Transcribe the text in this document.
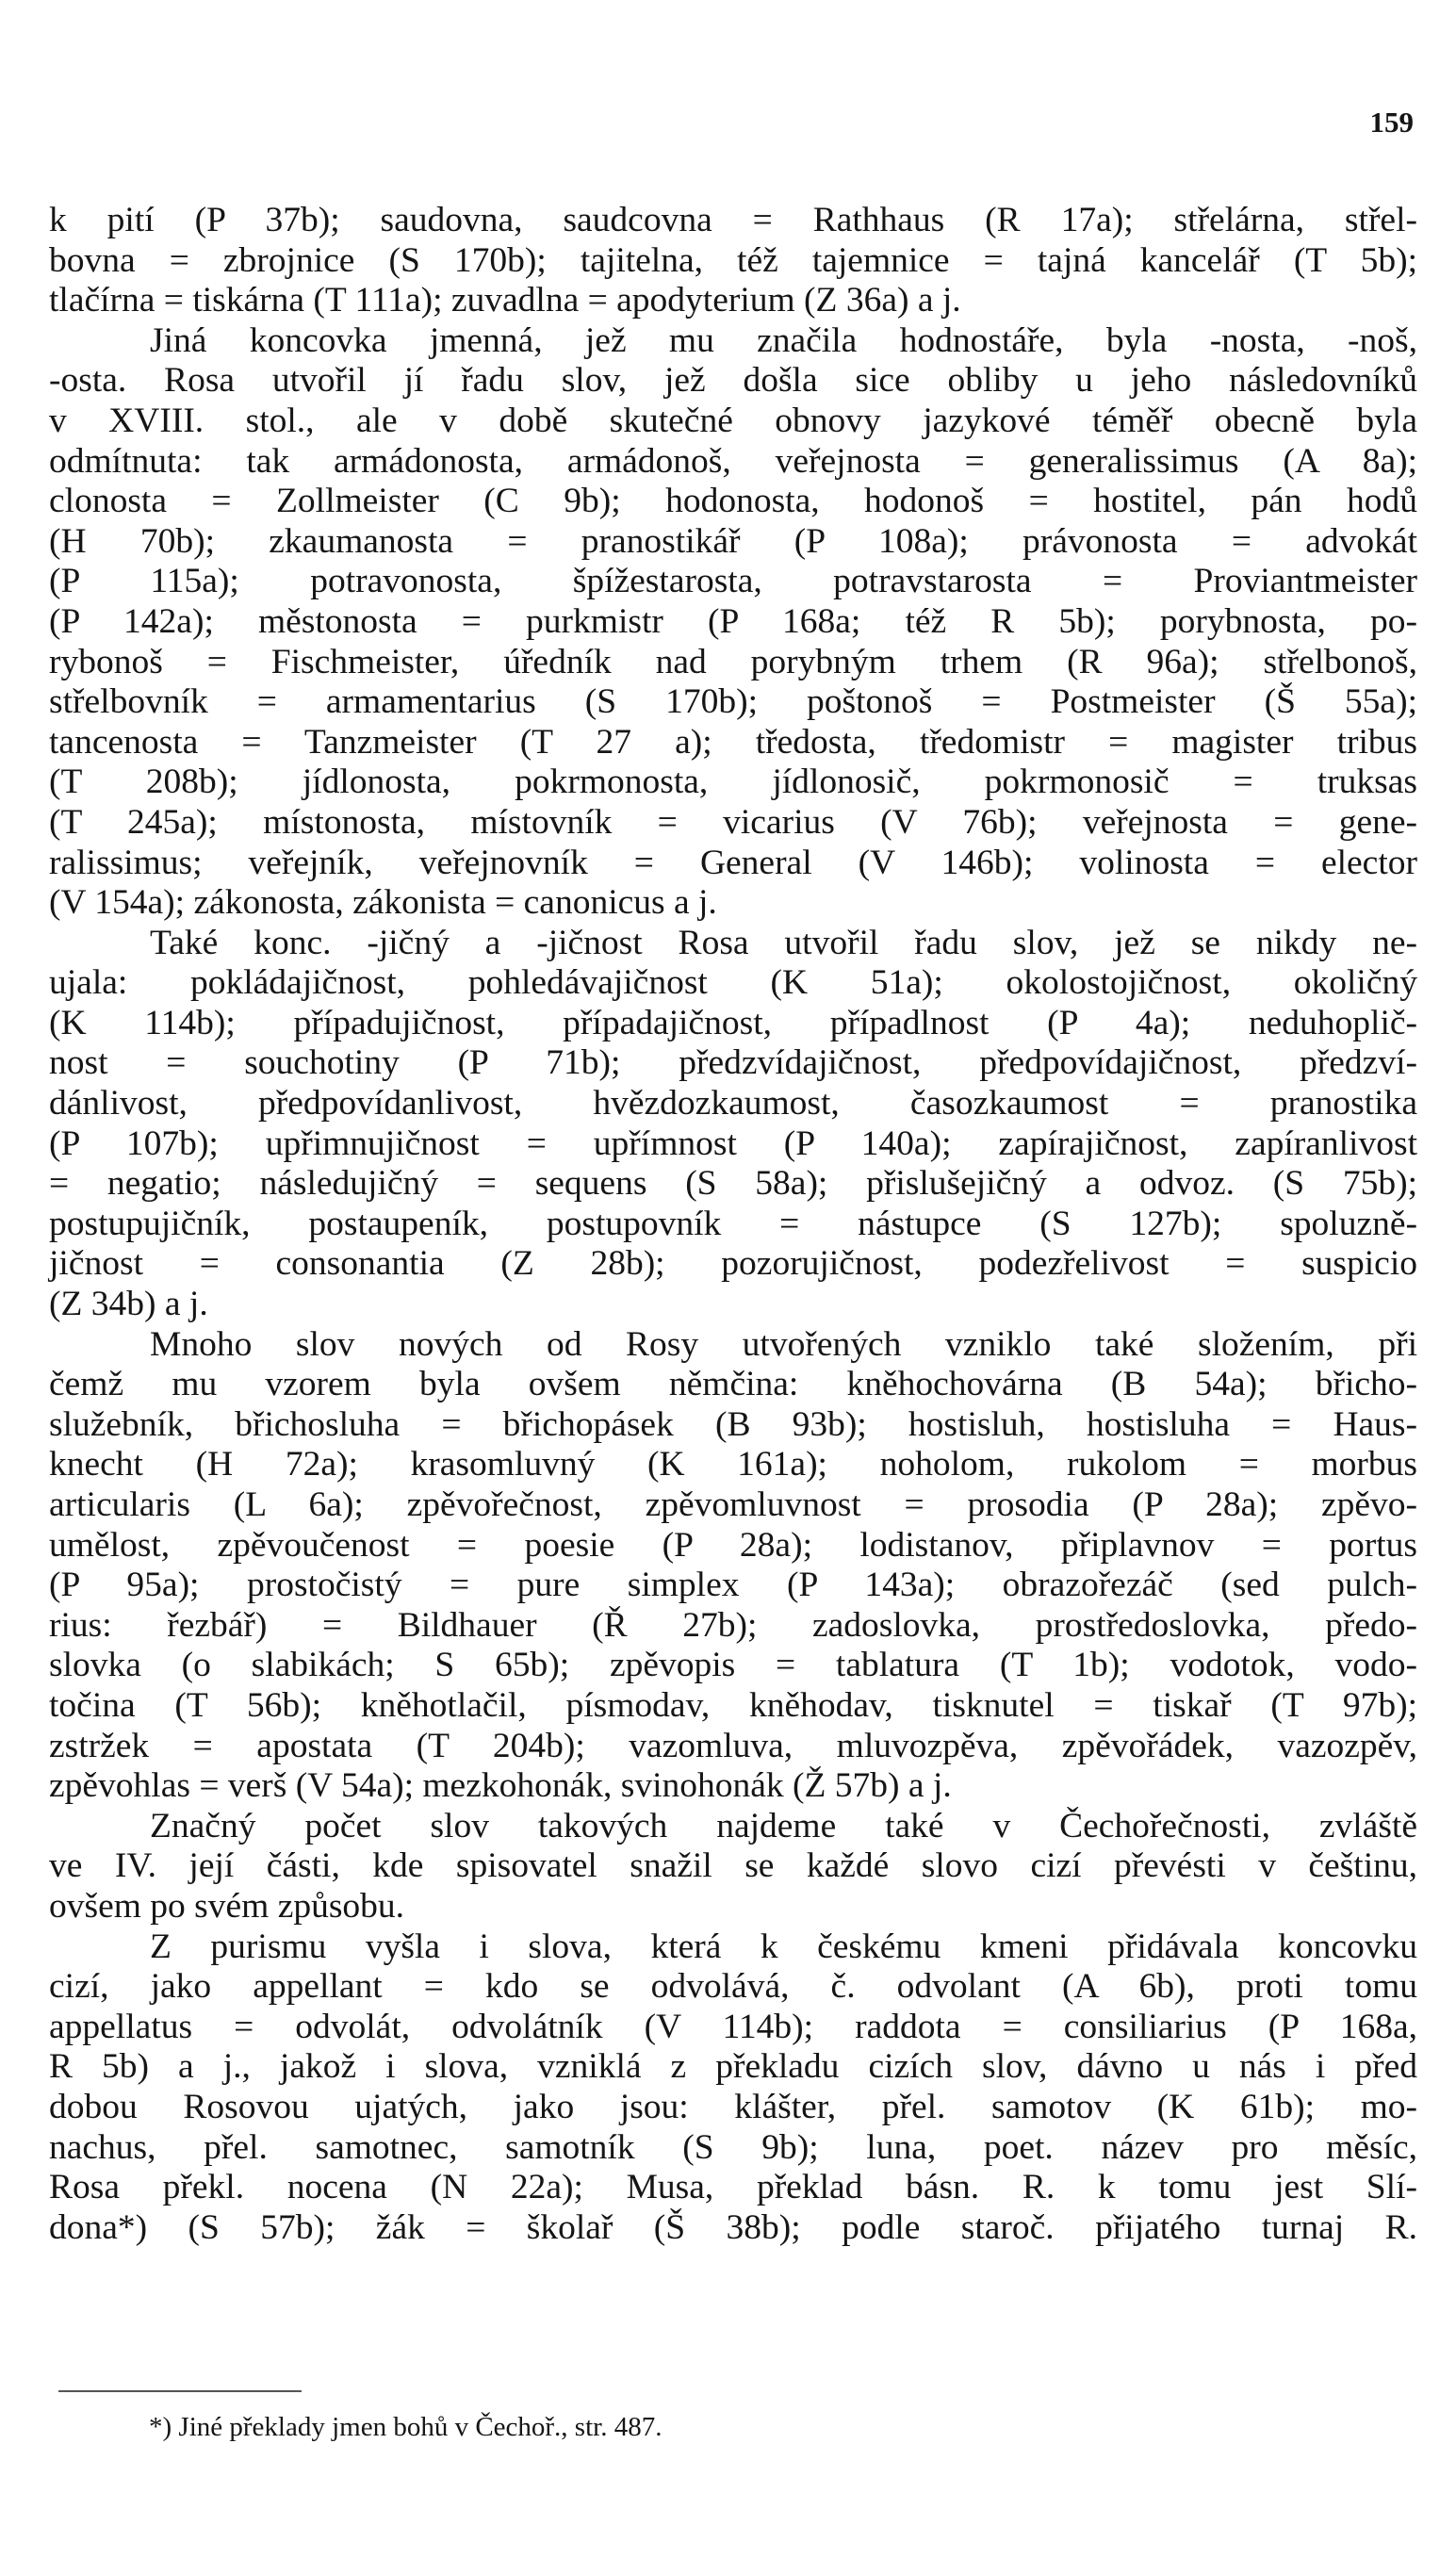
159
k pití (P 37b); saudovna, saudcovna = Rathhaus (R 17a); střelárna, střel-
bovna = zbrojnice (S 170b); tajitelna, též tajemnice = tajná kancelář (T 5b);
tlačírna = tiskárna (T 111a); zuvadlna = apodyterium (Z 36a) a j.
Jiná koncovka jmenná, jež mu značila hodnostáře, byla -nosta, -noš,
-osta. Rosa utvořil jí řadu slov, jež došla sice obliby u jeho následovníků
v XVIII. stol., ale v době skutečné obnovy jazykové téměř obecně byla
odmítnuta: tak armádonosta, armádonoš, veřejnosta = generalissimus (A 8a);
clonosta = Zollmeister (C 9b); hodonosta, hodonoš = hostitel, pán hodů
(H 70b); zkaumanosta = pranostikář (P 108a); právonosta = advokát
(P 115a); potravonosta, špížestarosta, potravstarosta = Proviantmeister
(P 142a); městonosta = purkmistr (P 168a; též R 5b); porybnosta, po-
rybonoš = Fischmeister, úředník nad porybným trhem (R 96a); střelbonoš,
střelbovník = armamentarius (S 170b); poštonoš = Postmeister (Š 55a);
tancenosta = Tanzmeister (T 27 a); tředosta, tředomistr = magister tribus
(T 208b); jídlonosta, pokrmonosta, jídlonosič, pokrmonosič = truksas
(T 245a); místonosta, místovník = vicarius (V 76b); veřejnosta = gene-
ralissimus; veřejník, veřejnovník = General (V 146b); volinosta = elector
(V 154a); zákonosta, zákonista = canonicus a j.
Také konc. -jičný a -jičnost Rosa utvořil řadu slov, jež se nikdy ne-
ujala: pokládajičnost, pohledávajičnost (K 51a); okolostojičnost, okoličný
(K 114b); případujičnost, případajičnost, případlnost (P 4a); neduhoplič-
nost = souchotiny (P 71b); předzvídajičnost, předpovídajičnost, předzví-
dánlivost, předpovídanlivost, hvězdozkaumost, časozkaumost = pranostika
(P 107b); upřimnujičnost = upřímnost (P 140a); zapírajičnost, zapíranlivost
= negatio; následujičný = sequens (S 58a); přislušejičný a odvoz. (S 75b);
postupujičník, postaupeník, postupovník = nástupce (S 127b); spoluzně-
jičnost = consonantia (Z 28b); pozorujičnost, podezřelivost = suspicio
(Z 34b) a j.
Mnoho slov nových od Rosy utvořených vzniklo také složením, při
čemž mu vzorem byla ovšem němčina: kněhochovárna (B 54a); břicho-
služebník, břichosluha = břichopásek (B 93b); hostisluh, hostisluha = Haus-
knecht (H 72a); krasomluvný (K 161a); noholom, rukolom = morbus
articularis (L 6a); zpěvořečnost, zpěvomluvnost = prosodia (P 28a); zpěvo-
umělost, zpěvoučenost = poesie (P 28a); lodistanov, připlavnov = portus
(P 95a); prostočistý = pure simplex (P 143a); obrazořezáč (sed pulch-
rius: řezbář) = Bildhauer (Ř 27b); zadoslovka, prostředoslovka, předo-
slovka (o slabikách; S 65b); zpěvopis = tablatura (T 1b); vodotok, vodo-
točina (T 56b); kněhotlačil, písmodav, kněhodav, tisknutel = tiskař (T 97b);
zstržek = apostata (T 204b); vazomluva, mluvozpěva, zpěvořádek, vazozpěv,
zpěvohlas = verš (V 54a); mezkohonák, svinohonák (Ž 57b) a j.
Značný počet slov takových najdeme také v Čechořečnosti, zvláště
ve IV. její části, kde spisovatel snažil se každé slovo cizí převésti v češtinu,
ovšem po svém způsobu.
Z purismu vyšla i slova, která k českému kmeni přidávala koncovku
cizí, jako appellant = kdo se odvolává, č. odvolant (A 6b), proti tomu
appellatus = odvolát, odvolátník (V 114b); raddota = consiliarius (P 168a,
R 5b) a j., jakož i slova, vzniklá z překladu cizích slov, dávno u nás i před
dobou Rosovou ujatých, jako jsou: klášter, přel. samotov (K 61b); mo-
nachus, přel. samotnec, samotník (S 9b); luna, poet. název pro měsíc,
Rosa překl. nocena (N 22a); Musa, překlad básn. R. k tomu jest Slí-
dona*) (S 57b); žák = školař (Š 38b); podle staroč. přijatého turnaj R.
*) Jiné překlady jmen bohů v Čechoř., str. 487.
